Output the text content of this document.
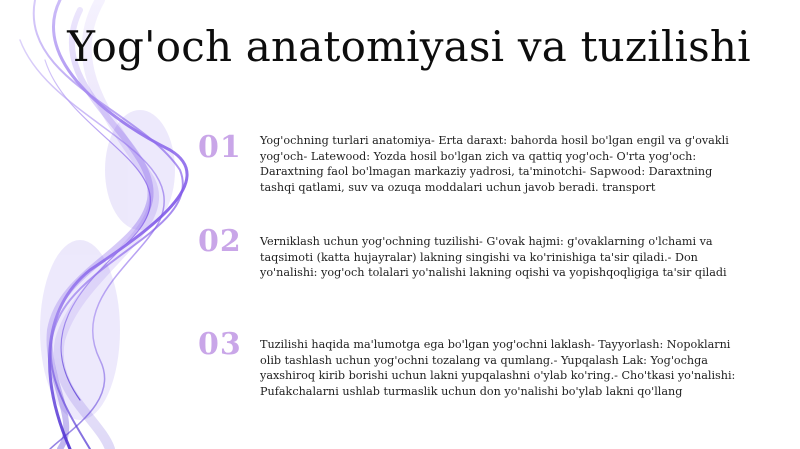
Yog'och anatomiyasi va tuzilishi
01	Yog'ochning turlari anatomiya- Erta daraxt: bahorda hosil bo'lgan engil va g'ovakli yog'och- Latewood: Yozda hosil bo'lgan zich va qattiq yog'och- O'rta yog'och: Daraxtning faol bo'lmagan markaziy yadrosi, ta'minotchi- Sapwood: Daraxtning tashqi qatlami, suv va ozuqa moddalari uchun javob beradi. transport
02	Verniklash uchun yog'ochning tuzilishi- G'ovak hajmi: g'ovaklarning o'lchami va taqsimoti (katta hujayralar) lakning singishi va ko'rinishiga ta'sir qiladi.- Don yo'nalishi: yog'och tolalari yo'nalishi lakning oqishi va yopishqoqligiga ta'sir qiladi
03	Tuzilishi haqida ma'lumotga ega bo'lgan yog'ochni laklash- Tayyorlash: Nopoklarni olib tashlash uchun yog'ochni tozalang va qumlang.- Yupqalash Lak: Yog'ochga yaxshiroq kirib borishi uchun lakni yupqalashni o'ylab ko'ring.- Cho'tkasi yo'nalishi: Pufakchalarni ushlab turmaslik uchun don yo'nalishi bo'ylab lakni qo'llang
